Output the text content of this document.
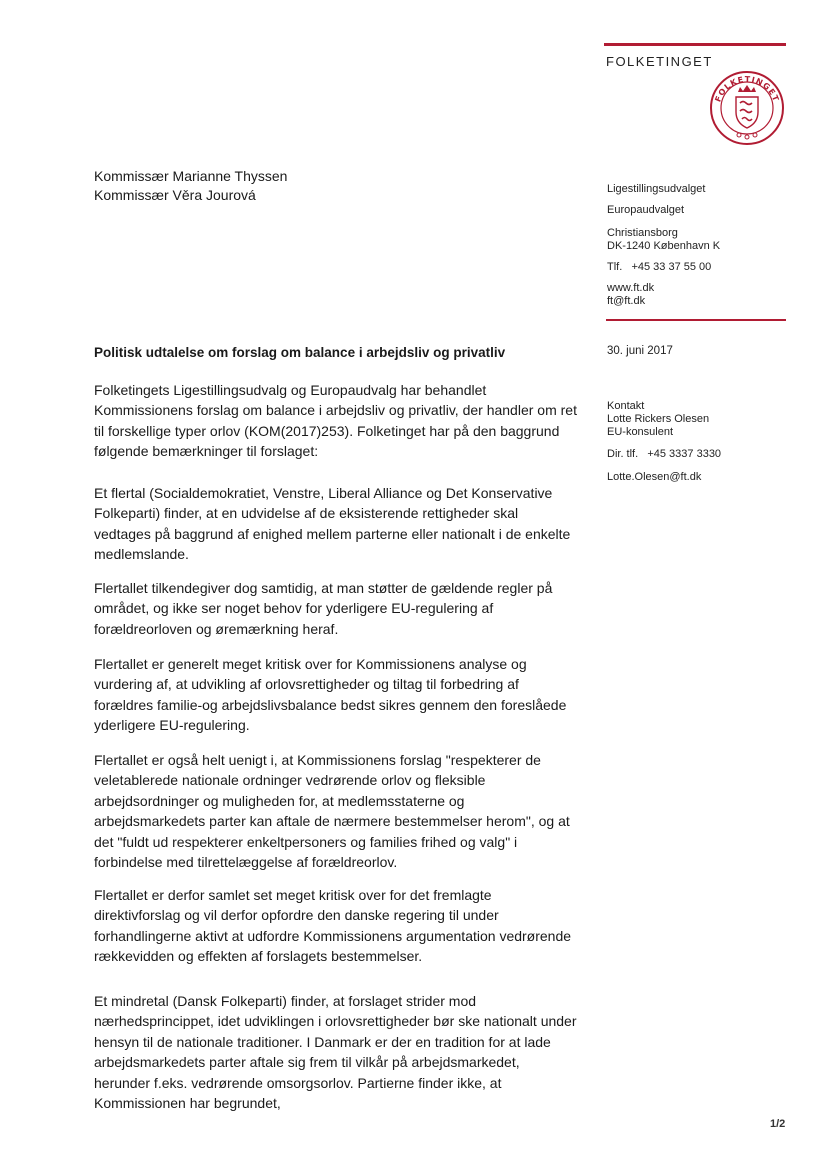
FOLKETINGET
FOLKETINGET
Kommissær Marianne Thyssen
Kommissær Věra Jourová	Ligestillingsudvalget
Europaudvalget
Christiansborg
DK-1240 København K
Tlf.   +45 33 37 55 00
www.ft.dk
ft@ft.dk
30. juni 2017
Kontakt
Lotte Rickers Olesen
EU-konsulent
Dir. tlf.   +45 3337 3330
Lotte.Olesen@ft.dk
Politisk udtalelse om forslag om balance i arbejdsliv og privatliv

Folketingets Ligestillingsudvalg og Europaudvalg har behandlet Kommissionens forslag om balance i arbejdsliv og privatliv, der handler om ret til forskellige typer orlov (KOM(2017)253). Folketinget har på den baggrund følgende bemærkninger til forslaget:

Et flertal (Socialdemokratiet, Venstre, Liberal Alliance og Det Konservative Folkeparti) finder, at en udvidelse af de eksisterende rettigheder skal vedtages på baggrund af enighed mellem parterne eller nationalt i de enkelte medlemslande.

Flertallet tilkendegiver dog samtidig, at man støtter de gældende regler på området, og ikke ser noget behov for yderligere EU-regulering af forældreorloven og øremærkning heraf.

Flertallet er generelt meget kritisk over for Kommissionens analyse og vurdering af, at udvikling af orlovsrettigheder og tiltag til forbedring af forældres familie-og arbejdslivsbalance bedst sikres gennem den foreslåede yderligere EU-regulering.

Flertallet er også helt uenigt i, at Kommissionens forslag "respekterer de veletablerede nationale ordninger vedrørende orlov og fleksible arbejdsordninger og muligheden for, at medlemsstaterne og arbejdsmarkedets parter kan aftale de nærmere bestemmelser herom", og at det "fuldt ud respekterer enkeltpersoners og families frihed og valg" i forbindelse med tilrettelæggelse af forældreorlov.

Flertallet er derfor samlet set meget kritisk over for det fremlagte direktivforslag og vil derfor opfordre den danske regering til under forhandlingerne aktivt at udfordre Kommissionens argumentation vedrørende rækkevidden og effekten af forslagets bestemmelser.

Et mindretal (Dansk Folkeparti) finder, at forslaget strider mod nærhedsprincippet, idet udviklingen i orlovsrettigheder bør ske nationalt under hensyn til de nationale traditioner. I Danmark er der en tradition for at lade arbejdsmarkedets parter aftale sig frem til vilkår på arbejdsmarkedet, herunder f.eks. vedrørende omsorgsorlov. Partierne finder ikke, at Kommissionen har begrundet,

1/2
